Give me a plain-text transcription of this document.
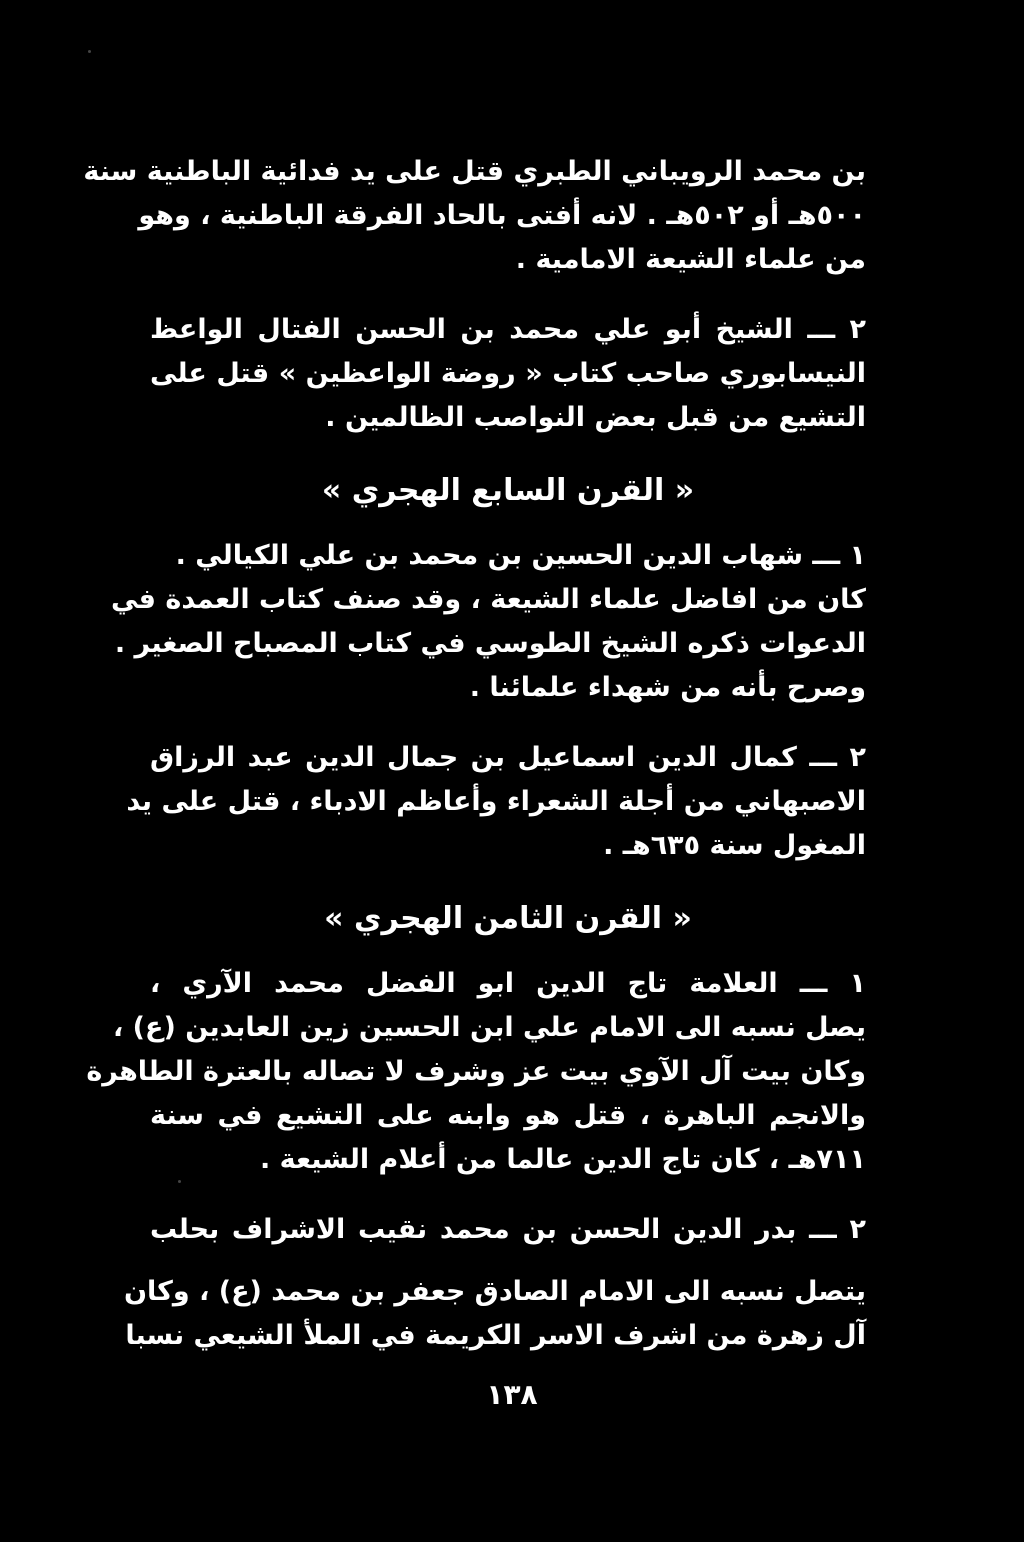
بن محمد الرويباني الطبري قتل على يد فدائية الباطنية سنة
٥٠٠هـ أو ٥٠٢هـ . لانه أفتى بالحاد الفرقة الباطنية ، وهو
من علماء الشيعة الامامية .
٢ ـــ الشيخ أبو علي محمد بن الحسن الفتال الواعظ
النيسابوري صاحب كتاب « روضة الواعظين » قتل على
التشيع من قبل بعض النواصب الظالمين .
« القرن السابع الهجري »
١ ـــ شهاب الدين الحسين بن محمد بن علي الكيالي .
كان من افاضل علماء الشيعة ، وقد صنف كتاب العمدة في
الدعوات ذكره الشيخ الطوسي في كتاب المصباح الصغير .
وصرح بأنه من شهداء علمائنا .
٢ ـــ كمال الدين اسماعيل بن جمال الدين عبد الرزاق
الاصبهاني من أجلة الشعراء وأعاظم الادباء ، قتل على يد
المغول سنة ٦٣٥هـ .
« القرن الثامن الهجري »
١ ـــ العلامة تاج الدين ابو الفضل محمد الآري ،
يصل نسبه الى الامام علي ابن الحسين زين العابدين (ع) ،
وكان بيت آل الآوي بيت عز وشرف لا تصاله بالعترة الطاهرة
والانجم الباهرة ، قتل هو وابنه على التشيع في سنة
٧١١هـ ، كان تاج الدين عالما من أعلام الشيعة .
٢ ـــ بدر الدين الحسن بن محمد نقيب الاشراف بحلب
يتصل نسبه الى الامام الصادق جعفر بن محمد (ع) ، وكان
آل زهرة من اشرف الاسر الكريمة في الملأ الشيعي نسبا
١٣٨
